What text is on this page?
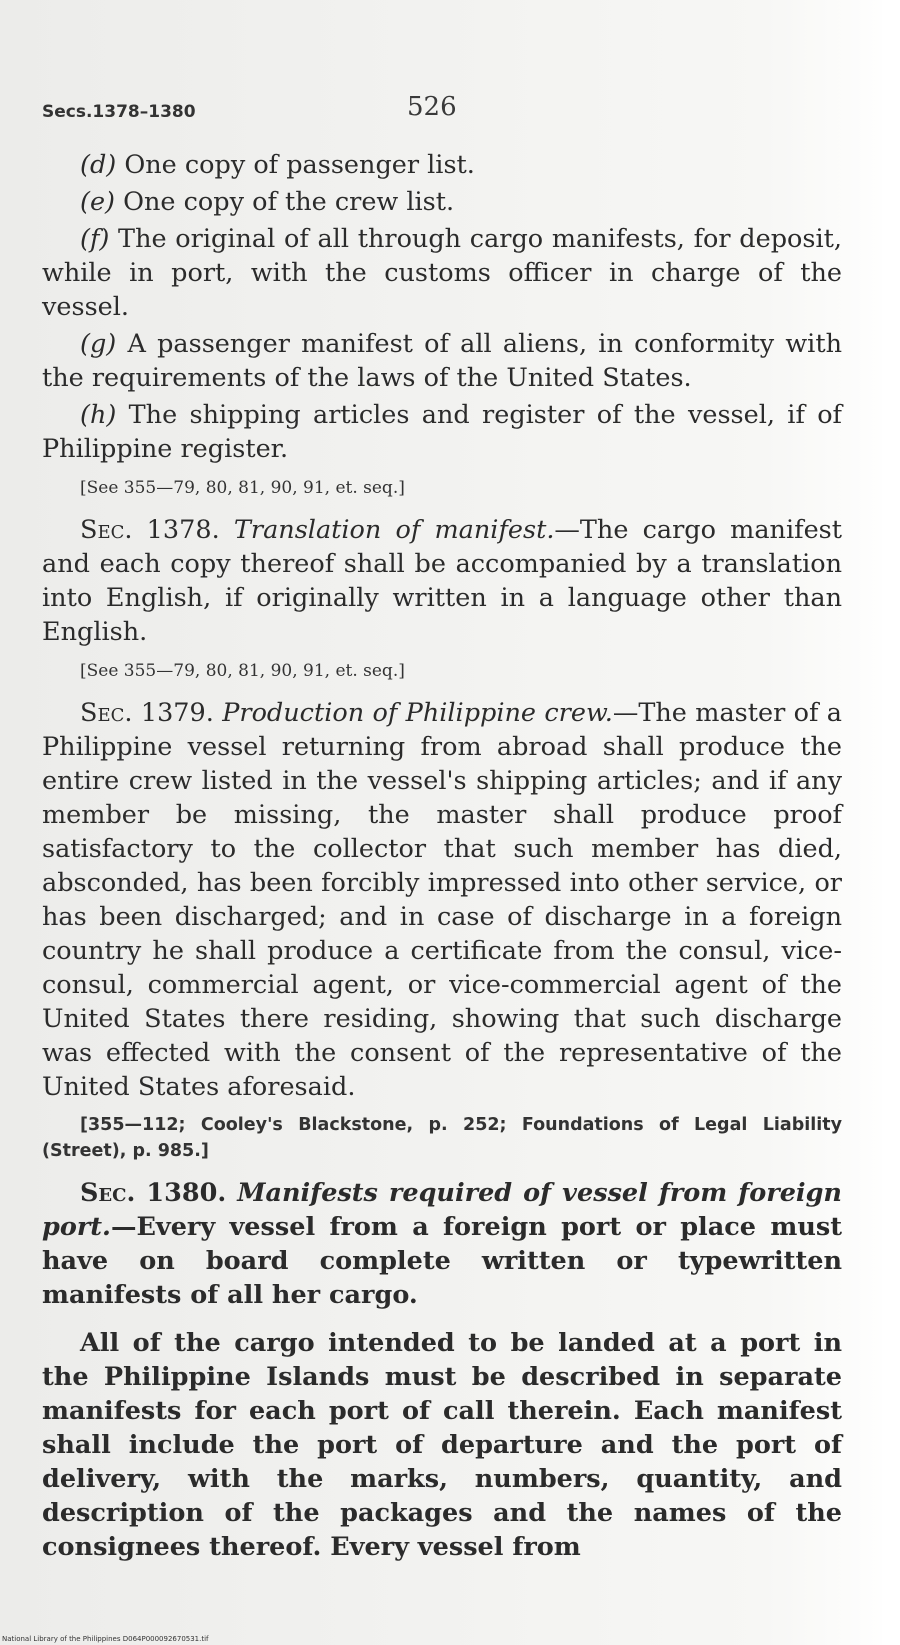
Secs.1378–1380	526

(d) One copy of passenger list.

(e) One copy of the crew list.

(f) The original of all through cargo manifests, for deposit, while in port, with the customs officer in charge of the vessel.

(g) A passenger manifest of all aliens, in conformity with the requirements of the laws of the United States.

(h) The shipping articles and register of the vessel, if of Philippine register.

[See 355—79, 80, 81, 90, 91, et. seq.]

Sec. 1378. Translation of manifest.—The cargo manifest and each copy thereof shall be accompanied by a translation into English, if originally written in a language other than English.

[See 355—79, 80, 81, 90, 91, et. seq.]

Sec. 1379. Production of Philippine crew.—The master of a Philippine vessel returning from abroad shall produce the entire crew listed in the vessel's shipping articles; and if any member be missing, the master shall produce proof satisfactory to the collector that such member has died, absconded, has been forcibly impressed into other service, or has been discharged; and in case of discharge in a foreign country he shall produce a certificate from the consul, vice-consul, commercial agent, or vice-commercial agent of the United States there residing, showing that such discharge was effected with the consent of the representative of the United States aforesaid.

[355—112; Cooley's Blackstone, p. 252; Foundations of Legal Liability (Street), p. 985.]

Sec. 1380. Manifests required of vessel from foreign port.—Every vessel from a foreign port or place must have on board complete written or typewritten manifests of all her cargo.

All of the cargo intended to be landed at a port in the Philippine Islands must be described in separate manifests for each port of call therein. Each manifest shall include the port of departure and the port of delivery, with the marks, numbers, quantity, and description of the packages and the names of the consignees thereof. Every vessel from

National Library of the Philippines D064P000092670531.tif
